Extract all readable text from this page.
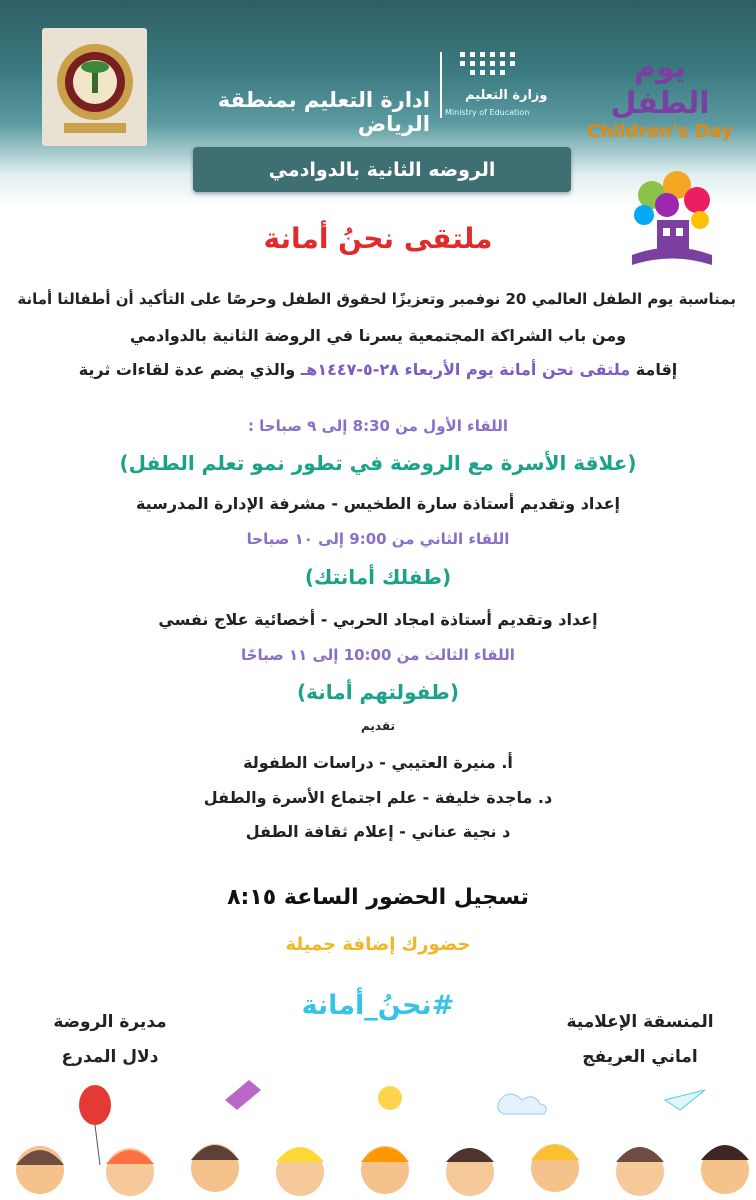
ادارة التعليم بمنطقة الرياض
وزارة التعليم
Ministry of Education
يوم الطفل
Children's Day
الروضه الثانية بالدوادمي
ملتقى نحنُ أمانة
بمناسبة يوم الطفل العالمي 20 نوفمبر وتعزيزًا لحقوق الطفل وحرصًا على التأكيد أن أطفالنا أمانة
ومن باب الشراكة المجتمعية يسرنا في الروضة الثانية بالدوادمي
إقامة ملتقى نحن أمانة يوم الأربعاء ٢٨-٥-١٤٤٧هـ والذي يضم عدة لقاءات ثرية
اللقاء الأول من 8:30 إلى ٩ صباحا :
(علاقة الأسرة مع الروضة في تطور نمو تعلم الطفل)
إعداد وتقديم أستاذة سارة الطخيس - مشرفة الإدارة المدرسية
اللقاء الثاني من 9:00 إلى ١٠ صباحا
(طفلك أمانتك)
إعداد وتقديم أستاذة امجاد الحربي - أخصائية علاج نفسي
اللقاء الثالث من 10:00 إلى ١١ صباحًا
(طفولتهم أمانة)
تقديم
أ. منيرة العتيبي - دراسات الطفولة
د. ماجدة خليفة - علم اجتماع الأسرة والطفل
د نجية عناني - إعلام ثقافة الطفل
تسجيل الحضور الساعة ٨:١٥
حضورك إضافة جميلة
#نحنُ_أمانة
مديرة الروضة
دلال المدرع
المنسقة الإعلامية
اماني العريفج
